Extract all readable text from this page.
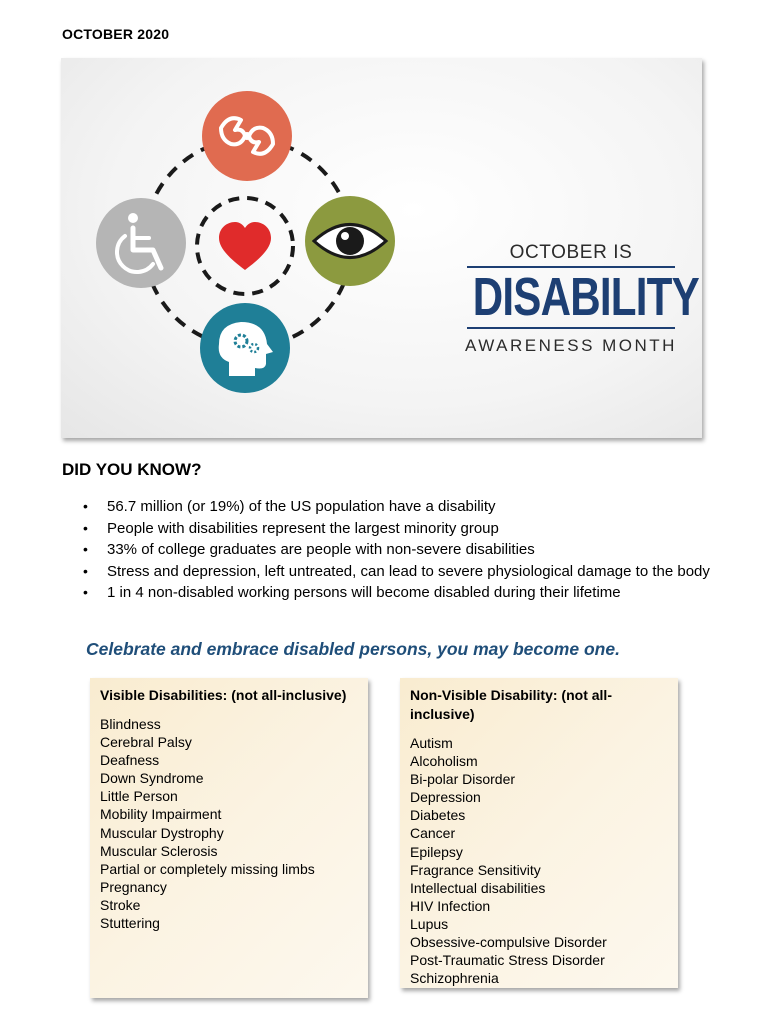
OCTOBER 2020
OCTOBER IS
DISABILITY
AWARENESS MONTH
DID YOU KNOW?
• 56.7 million (or 19%) of the US population have a disability
• People with disabilities represent the largest minority group
• 33% of college graduates are people with non-severe disabilities
• Stress and depression, left untreated, can lead to severe physiological damage to the body
• 1 in 4 non-disabled working persons will become disabled during their lifetime
Celebrate and embrace disabled persons, you may become one.
Visible Disabilities: (not all-inclusive)
Blindness
Cerebral Palsy
Deafness
Down Syndrome
Little Person
Mobility Impairment
Muscular Dystrophy
Muscular Sclerosis
Partial or completely missing limbs
Pregnancy
Stroke
Stuttering
Non-Visible Disability: (not all-inclusive)
Autism
Alcoholism
Bi-polar Disorder
Depression
Diabetes
Cancer
Epilepsy
Fragrance Sensitivity
Intellectual disabilities
HIV Infection
Lupus
Obsessive-compulsive Disorder
Post-Traumatic Stress Disorder
Schizophrenia
